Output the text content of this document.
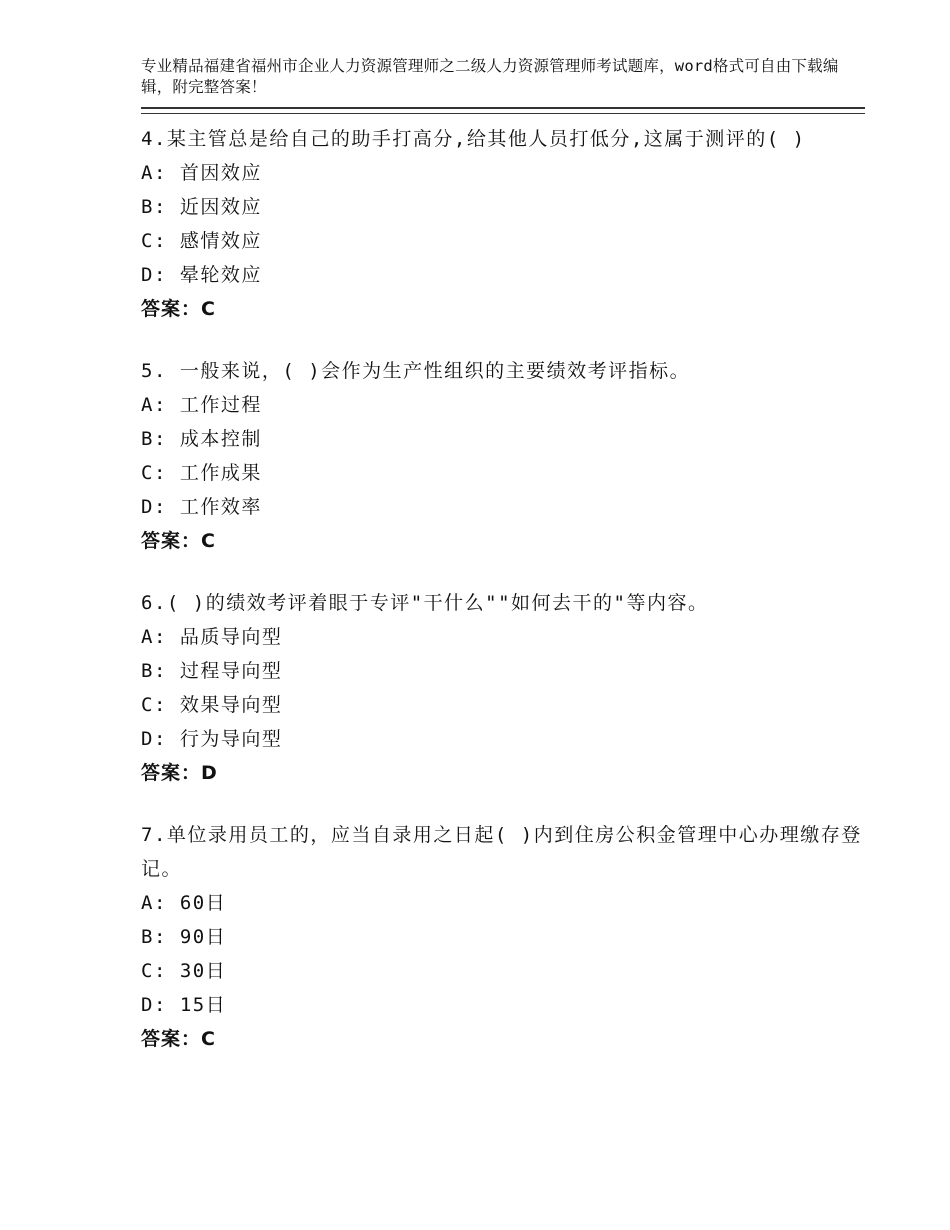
专业精品福建省福州市企业人力资源管理师之二级人力资源管理师考试题库，word格式可自由下载编辑，附完整答案！

4.某主管总是给自己的助手打高分,给其他人员打低分,这属于测评的( )

A: 首因效应

B: 近因效应

C: 感情效应

D: 晕轮效应

答案：C

5. 一般来说，( )会作为生产性组织的主要绩效考评指标。

A: 工作过程

B: 成本控制

C: 工作成果

D: 工作效率

答案：C

6.( )的绩效考评着眼于专评"干什么""如何去干的"等内容。

A: 品质导向型

B: 过程导向型

C: 效果导向型

D: 行为导向型

答案：D

7.单位录用员工的，应当自录用之日起( )内到住房公积金管理中心办理缴存登记。

A: 60日

B: 90日

C: 30日

D: 15日

答案：C
